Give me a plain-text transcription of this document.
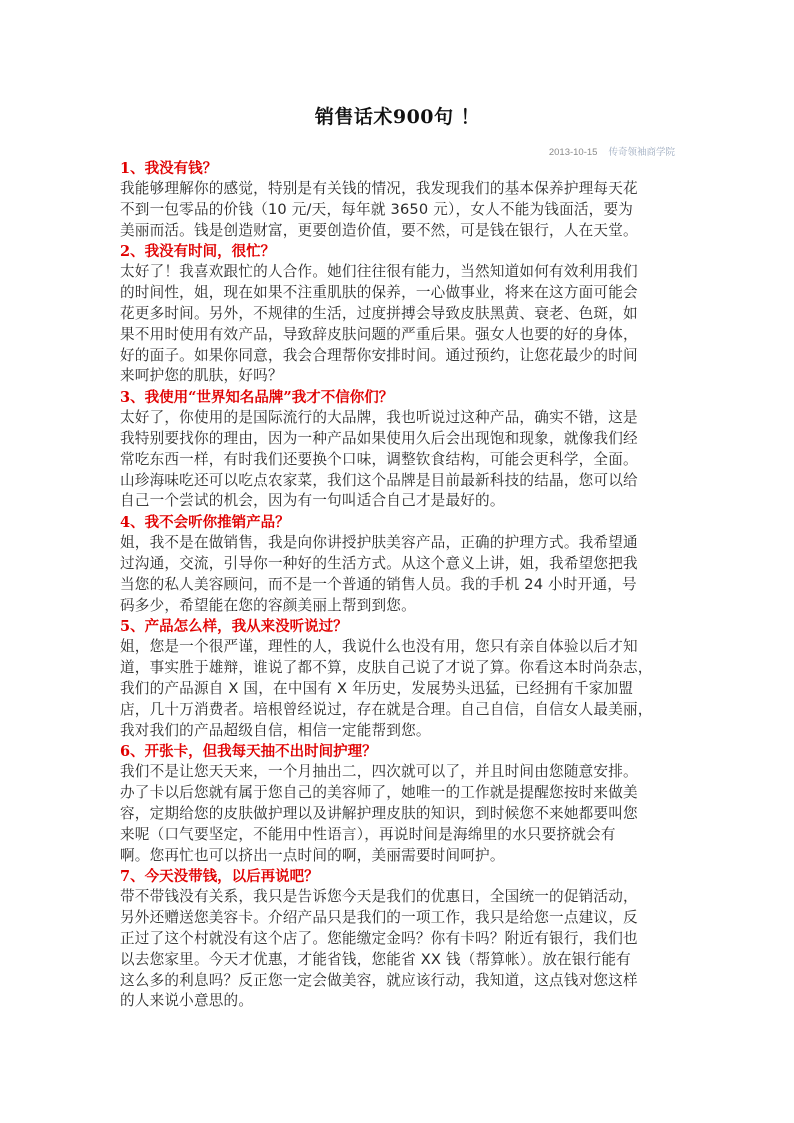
销售话术900句 ！
2013-10-15 传奇领袖商学院
1、我没有钱？
我能够理解你的感觉，特别是有关钱的情况，我发现我们的基本保养护理每天花
不到一包零品的价钱（10 元/天，每年就 3650 元），女人不能为钱面活，要为
美丽而活。钱是创造财富，更要创造价值，要不然，可是钱在银行，人在天堂。
2、我没有时间，很忙？
太好了！我喜欢跟忙的人合作。她们往往很有能力，当然知道如何有效利用我们
的时间性，姐，现在如果不注重肌肤的保养，一心做事业，将来在这方面可能会
花更多时间。另外，不规律的生活，过度拼搏会导致皮肤黑黄、衰老、色斑，如
果不用时使用有效产品，导致辞皮肤问题的严重后果。强女人也要的好的身体，
好的面子。如果你同意，我会合理帮你安排时间。通过预约，让您花最少的时间
来呵护您的肌肤，好吗？
3、我使用“世界知名品牌”我才不信你们？
太好了，你使用的是国际流行的大品牌，我也听说过这种产品，确实不错，这是
我特别要找你的理由，因为一种产品如果使用久后会出现饱和现象，就像我们经
常吃东西一样，有时我们还要换个口味，调整钦食结构，可能会更科学，全面。
山珍海味吃还可以吃点农家菜，我们这个品牌是目前最新科技的结晶，您可以给
自己一个尝试的机会，因为有一句叫适合自己才是最好的。
4、我不会听你推销产品？
姐，我不是在做销售，我是向你讲授护肤美容产品，正确的护理方式。我希望通
过沟通，交流，引导你一种好的生活方式。从这个意义上讲，姐，我希望您把我
当您的私人美容顾问，而不是一个普通的销售人员。我的手机 24 小时开通，号
码多少，希望能在您的容颜美丽上帮到到您。
5、产品怎么样，我从来没听说过？
姐，您是一个很严谨，理性的人，我说什么也没有用，您只有亲自体验以后才知
道，事实胜于雄辩，谁说了都不算，皮肤自己说了才说了算。你看这本时尚杂志，
我们的产品源自 X 国，在中国有 X 年历史，发展势头迅猛，已经拥有千家加盟
店，几十万消费者。培根曾经说过，存在就是合理。自己自信，自信女人最美丽，
我对我们的产品超级自信，相信一定能帮到您。
6、开张卡，但我每天抽不出时间护理？
我们不是让您天天来，一个月抽出二，四次就可以了，并且时间由您随意安排。
办了卡以后您就有属于您自己的美容师了，她唯一的工作就是提醒您按时来做美
容，定期给您的皮肤做护理以及讲解护理皮肤的知识，到时候您不来她都要叫您
来呢（口气要坚定，不能用中性语言），再说时间是海绵里的水只要挤就会有
啊。您再忙也可以挤出一点时间的啊，美丽需要时间呵护。
7、今天没带钱，以后再说吧？
带不带钱没有关系，我只是告诉您今天是我们的优惠日，全国统一的促销活动，
另外还赠送您美容卡。介绍产品只是我们的一项工作，我只是给您一点建议，反
正过了这个村就没有这个店了。您能缴定金吗？你有卡吗？附近有银行，我们也
以去您家里。今天才优惠，才能省钱，您能省 XX 钱（帮算帐）。放在银行能有
这么多的利息吗？反正您一定会做美容，就应该行动，我知道，这点钱对您这样
的人来说小意思的。
